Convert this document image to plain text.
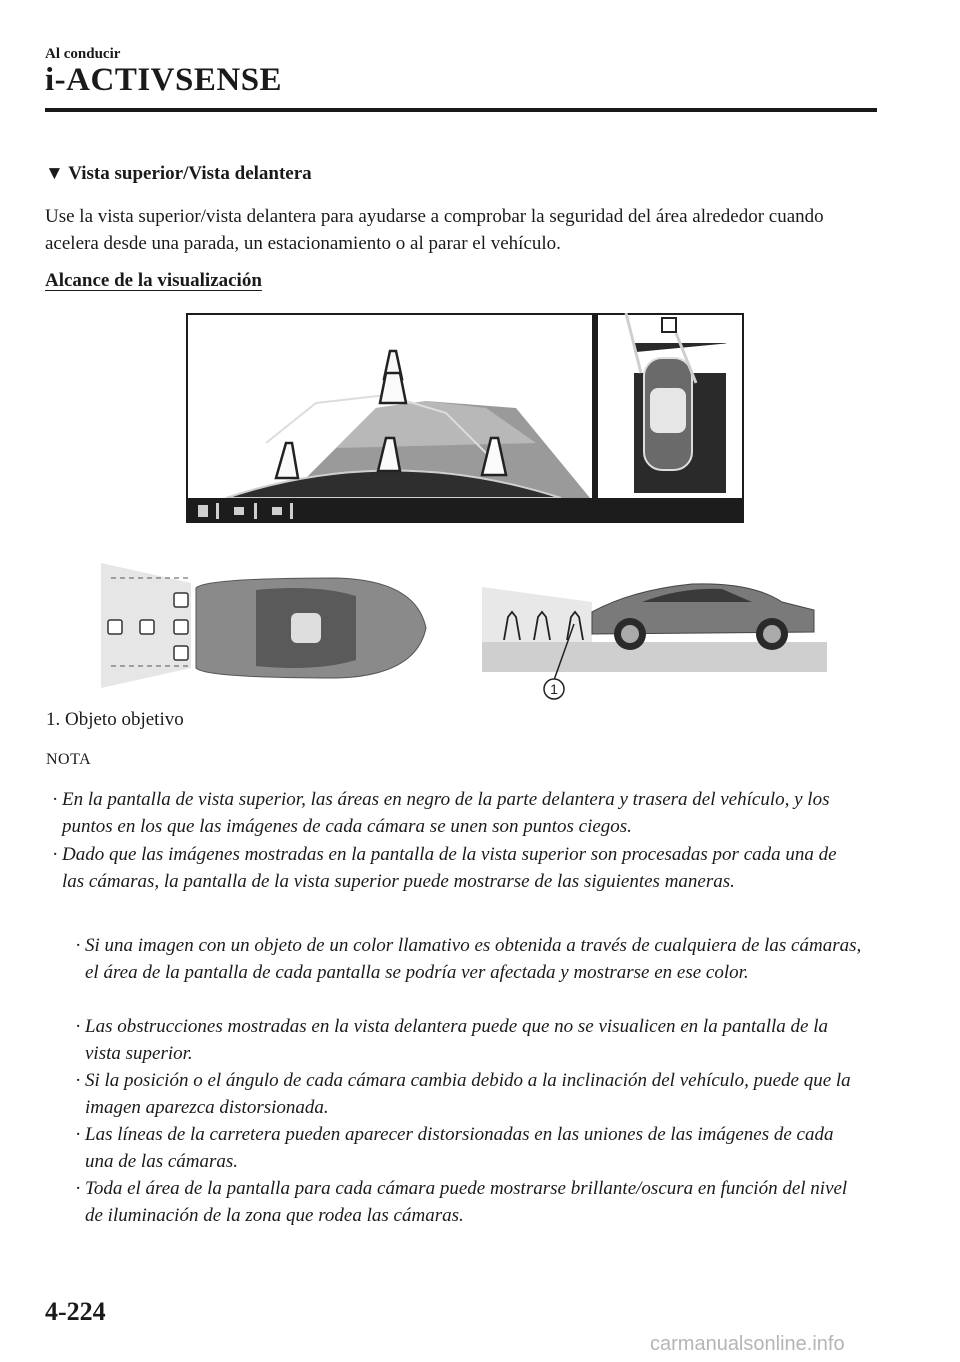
Al conducir
i-ACTIVSENSE
▼ Vista superior/Vista delantera
Use la vista superior/vista delantera para ayudarse a comprobar la seguridad del área alrededor cuando acelera desde una parada, un estacionamiento o al parar el vehículo.
Alcance de la visualización
1
1. Objeto objetivo
NOTA
· En la pantalla de vista superior, las áreas en negro de la parte delantera y trasera del vehículo, y los puntos en los que las imágenes de cada cámara se unen son puntos ciegos.
· Dado que las imágenes mostradas en la pantalla de la vista superior son procesadas por cada una de las cámaras, la pantalla de la vista superior puede mostrarse de las siguientes maneras.
· Si una imagen con un objeto de un color llamativo es obtenida a través de cualquiera de las cámaras, el área de la pantalla de cada pantalla se podría ver afectada y mostrarse en ese color.
· Las obstrucciones mostradas en la vista delantera puede que no se visualicen en la pantalla de la vista superior.
· Si la posición o el ángulo de cada cámara cambia debido a la inclinación del vehículo, puede que la imagen aparezca distorsionada.
· Las líneas de la carretera pueden aparecer distorsionadas en las uniones de las imágenes de cada una de las cámaras.
· Toda el área de la pantalla para cada cámara puede mostrarse brillante/oscura en función del nivel de iluminación de la zona que rodea las cámaras.
4-224
carmanualsonline.info
